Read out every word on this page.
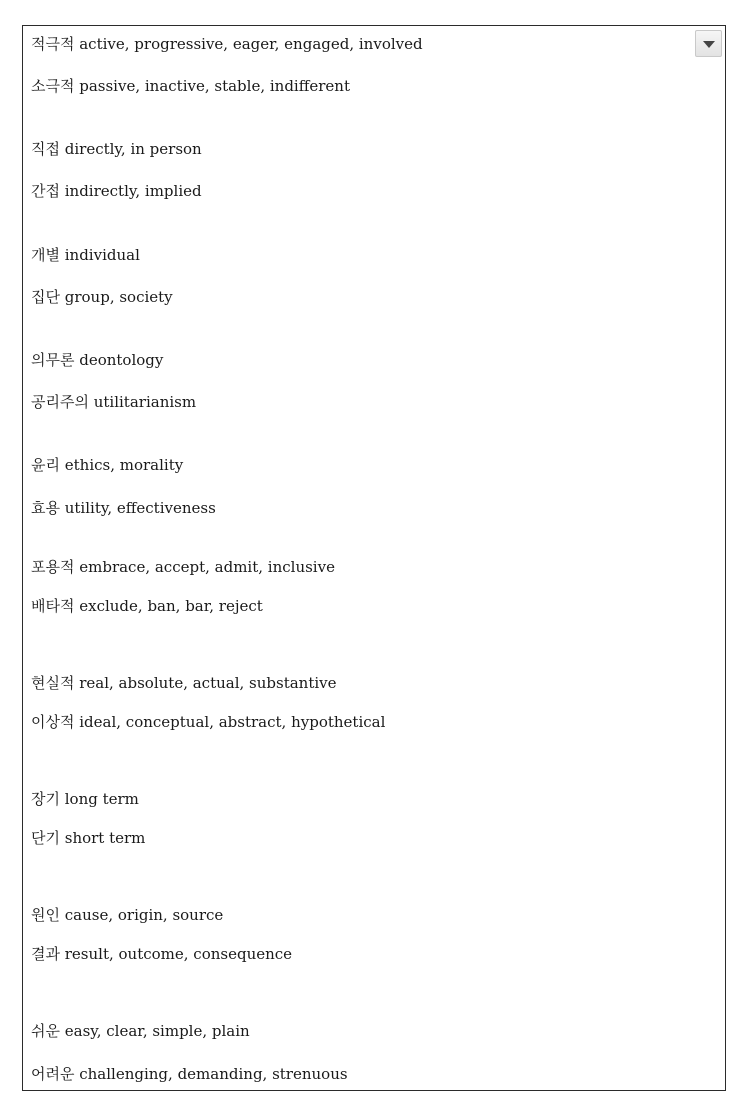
적극적 active, progressive, eager, engaged, involved
소극적 passive, inactive, stable, indifferent
직접 directly, in person
간접 indirectly, implied
개별 individual
집단 group, society
의무론 deontology
공리주의 utilitarianism
윤리 ethics, morality
효용 utility, effectiveness
포용적 embrace, accept, admit, inclusive
배타적 exclude, ban, bar, reject
현실적 real, absolute, actual, substantive
이상적 ideal, conceptual, abstract, hypothetical
장기 long term
단기 short term
원인 cause, origin, source
결과 result, outcome, consequence
쉬운 easy, clear, simple, plain
어려운 challenging, demanding, strenuous
